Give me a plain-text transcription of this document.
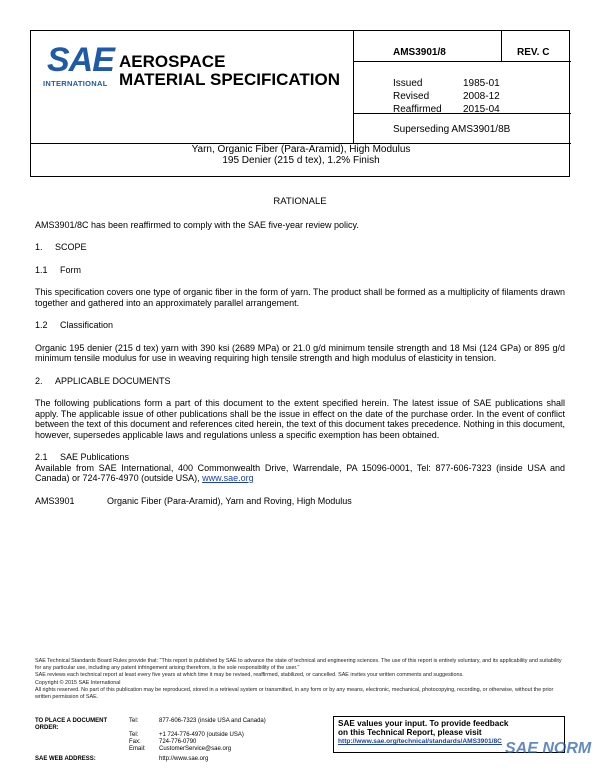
SAE
INTERNATIONAL
AEROSPACE
MATERIAL SPECIFICATION
AMS3901/8	REV. C
Issued	1985-01
Revised	2008-12
Reaffirmed	2015-04
Superseding AMS3901/8B
Yarn, Organic Fiber (Para-Aramid), High Modulus
195 Denier (215 d tex), 1.2% Finish
RATIONALE
AMS3901/8C has been reaffirmed to comply with the SAE five-year review policy.
1. SCOPE
1.1 Form
This specification covers one type of organic fiber in the form of yarn. The product shall be formed as a multiplicity of filaments drawn together and gathered into an approximately parallel arrangement.
1.2 Classification
Organic 195 denier (215 d tex) yarn with 390 ksi (2689 MPa) or 21.0 g/d minimum tensile strength and 18 Msi (124 GPa) or 895 g/d minimum tensile modulus for use in weaving requiring high tensile strength and high modulus of elasticity in tension.
2. APPLICABLE DOCUMENTS
The following publications form a part of this document to the extent specified herein. The latest issue of SAE publications shall apply. The applicable issue of other publications shall be the issue in effect on the date of the purchase order. In the event of conflict between the text of this document and references cited herein, the text of this document takes precedence. Nothing in this document, however, supersedes applicable laws and regulations unless a specific exemption has been obtained.
2.1 SAE Publications
Available from SAE International, 400 Commonwealth Drive, Warrendale, PA 15096-0001, Tel: 877-606-7323 (inside USA and Canada) or 724-776-4970 (outside USA), www.sae.org
AMS3901	Organic Fiber (Para-Aramid), Yarn and Roving, High Modulus

SAE Technical Standards Board Rules provide that: "This report is published by SAE to advance the state of technical and engineering sciences. The use of this report is entirely voluntary, and its applicability and suitability for any particular use, including any patent infringement arising therefrom, is the sole responsibility of the user."

SAE reviews each technical report at least every five years at which time it may be revised, reaffirmed, stabilized, or cancelled. SAE invites your written comments and suggestions.

Copyright © 2015 SAE International

All rights reserved. No part of this publication may be reproduced, stored in a retrieval system or transmitted, in any form or by any means, electronic, mechanical, photocopying, recording, or otherwise, without the prior written permission of SAE.

TO PLACE A DOCUMENT ORDER:
Tel:	877-606-7323 (inside USA and Canada)
Tel:	+1 724-776-4970 (outside USA)
Fax:	724-776-0790
Email:	CustomerService@sae.org
SAE values your input. To provide feedback
on this Technical Report, please visit
http://www.sae.org/technical/standards/AMS3901/8C SAE NORM
SAE WEB ADDRESS:	http://www.sae.org
